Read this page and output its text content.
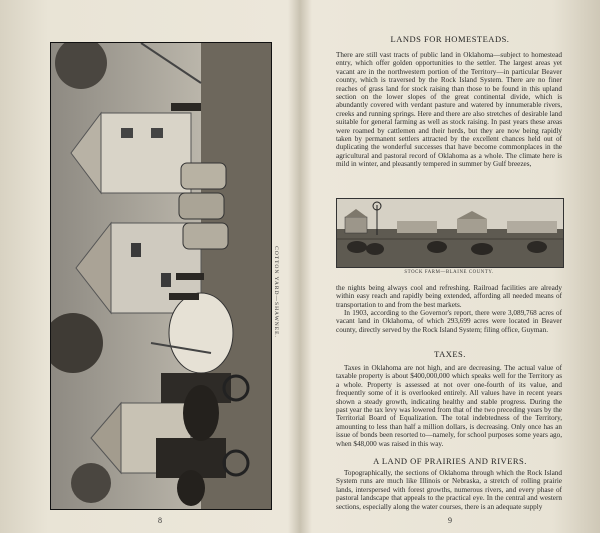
COTTON YARD—SHAWNEE.
8
LANDS FOR HOMESTEADS.
There are still vast tracts of public land in Oklahoma—subject to homestead entry, which offer golden opportunities to the settler. The largest areas yet vacant are in the northwestern portion of the Territory—in particular Beaver county, which is traversed by the Rock Island System. There are no finer reaches of grass land for stock raising than those to be found in this upland section on the lower slopes of the great continental divide, which is abundantly covered with verdant pasture and watered by innumerable rivers, creeks and running springs. Here and there are also stretches of desirable land suitable for general farming as well as stock raising. In past years these areas were roamed by cattlemen and their herds, but they are now being rapidly taken by permanent settlers attracted by the excellent chances held out of duplicating the wonderful successes that have become commonplaces in the agricultural and pastoral record of Oklahoma as a whole. The climate here is mild in winter, and pleasantly tempered in summer by Gulf breezes,
STOCK FARM—BLAINE COUNTY.
the nights being always cool and refreshing. Railroad facilities are already within easy reach and rapidly being extended, affording all needed means of transportation to and from the best markets.
In 1903, according to the Governor's report, there were 3,089,768 acres of vacant land in Oklahoma, of which 293,699 acres were located in Beaver county, directly served by the Rock Island System; filing office, Guyman.
TAXES.
Taxes in Oklahoma are not high, and are decreasing. The actual value of taxable property is about $400,000,000 which speaks well for the Territory as a whole. Property is assessed at not over one-fourth of its value, and frequently some of it is overlooked entirely. All values have in recent years shown a steady growth, indicating healthy and stable progress. During the past year the tax levy was lowered from that of the two preceding years by the Territorial Board of Equalization. The total indebtedness of the Territory, amounting to less than half a million dollars, is decreasing. Only once has an issue of bonds been resorted to—namely, for school purposes some years ago, when $48,000 was raised in this way.
A LAND OF PRAIRIES AND RIVERS.
Topographically, the sections of Oklahoma through which the Rock Island System runs are much like Illinois or Nebraska, a stretch of rolling prairie lands, interspersed with forest growths, numerous rivers, and every phase of pastoral landscape that appeals to the practical eye. In the central and western sections, especially along the water courses, there is an adequate supply
9
